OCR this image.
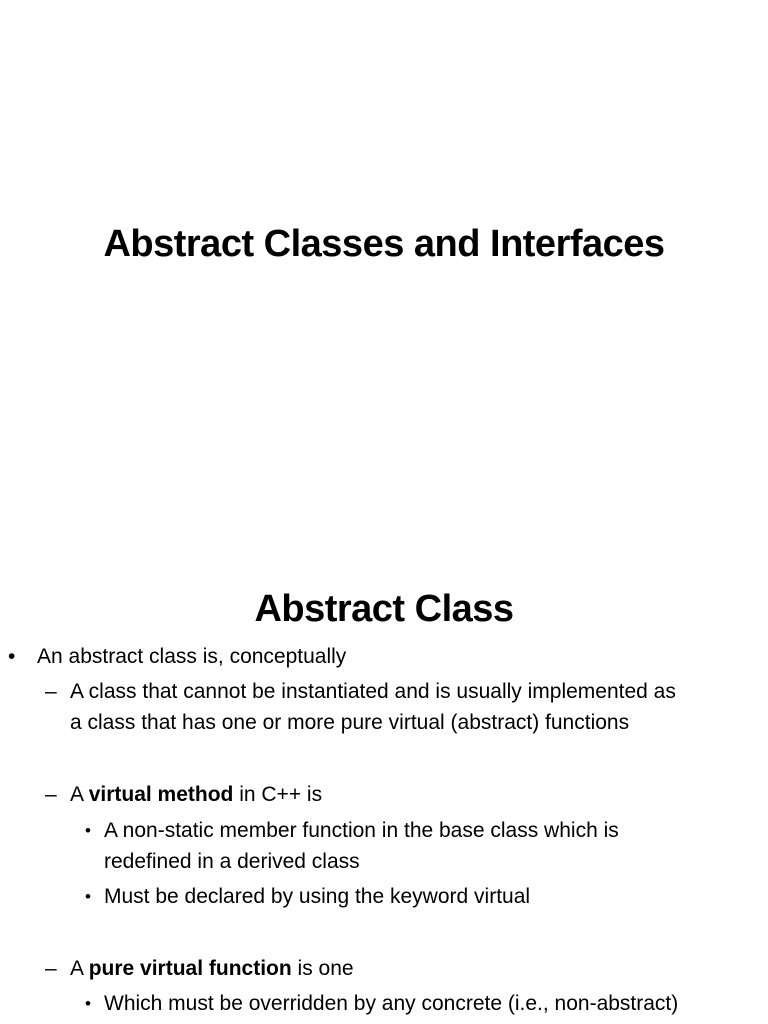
Abstract Classes and Interfaces
Abstract Class
• An abstract class is, conceptually
– A class that cannot be instantiated and is usually implemented as
a class that has one or more pure virtual (abstract) functions
– A virtual method in C++ is
• A non-static member function in the base class which is
redefined in a derived class
• Must be declared by using the keyword virtual
– A pure virtual function is one
• Which must be overridden by any concrete (i.e., non-abstract)
